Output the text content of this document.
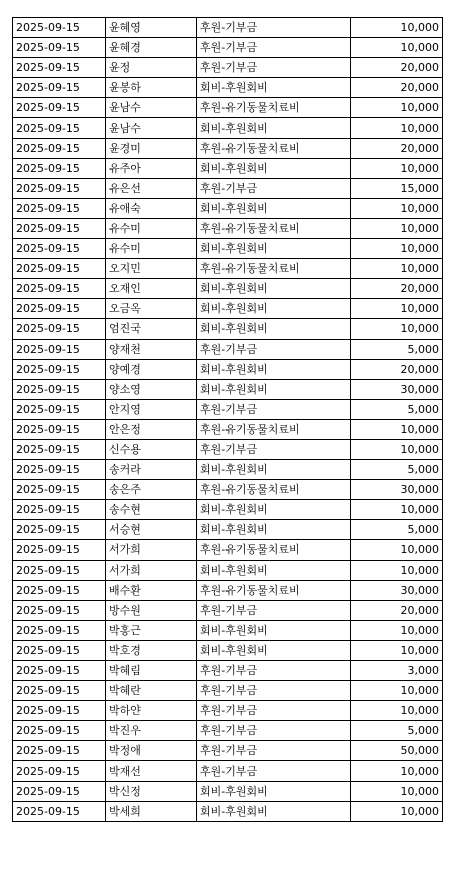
2025-09-15	윤혜영	후원-기부금	10,000
2025-09-15	윤혜경	후원-기부금	10,000
2025-09-15	윤정	후원-기부금	20,000
2025-09-15	윤봉하	회비-후원회비	20,000
2025-09-15	윤남수	후원-유기동물치료비	10,000
2025-09-15	윤남수	회비-후원회비	10,000
2025-09-15	윤경미	후원-유기동물치료비	20,000
2025-09-15	유주아	회비-후원회비	10,000
2025-09-15	유은선	후원-기부금	15,000
2025-09-15	유애숙	회비-후원회비	10,000
2025-09-15	유수미	후원-유기동물치료비	10,000
2025-09-15	유수미	회비-후원회비	10,000
2025-09-15	오지민	후원-유기동물치료비	10,000
2025-09-15	오재인	회비-후원회비	20,000
2025-09-15	오금옥	회비-후원회비	10,000
2025-09-15	엄진국	회비-후원회비	10,000
2025-09-15	양재천	후원-기부금	5,000
2025-09-15	양예경	회비-후원회비	20,000
2025-09-15	양소영	회비-후원회비	30,000
2025-09-15	안지영	후원-기부금	5,000
2025-09-15	안은정	후원-유기동물치료비	10,000
2025-09-15	신수용	후원-기부금	10,000
2025-09-15	송커라	회비-후원회비	5,000
2025-09-15	송은주	후원-유기동물치료비	30,000
2025-09-15	송수현	회비-후원회비	10,000
2025-09-15	서승현	회비-후원회비	5,000
2025-09-15	서가희	후원-유기동물치료비	10,000
2025-09-15	서가희	회비-후원회비	10,000
2025-09-15	배수환	후원-유기동물치료비	30,000
2025-09-15	방수원	후원-기부금	20,000
2025-09-15	박홍근	회비-후원회비	10,000
2025-09-15	박호경	회비-후원회비	10,000
2025-09-15	박혜림	후원-기부금	3,000
2025-09-15	박혜란	후원-기부금	10,000
2025-09-15	박하얀	후원-기부금	10,000
2025-09-15	박진우	후원-기부금	5,000
2025-09-15	박정애	후원-기부금	50,000
2025-09-15	박재선	후원-기부금	10,000
2025-09-15	박신정	회비-후원회비	10,000
2025-09-15	박세희	회비-후원회비	10,000
